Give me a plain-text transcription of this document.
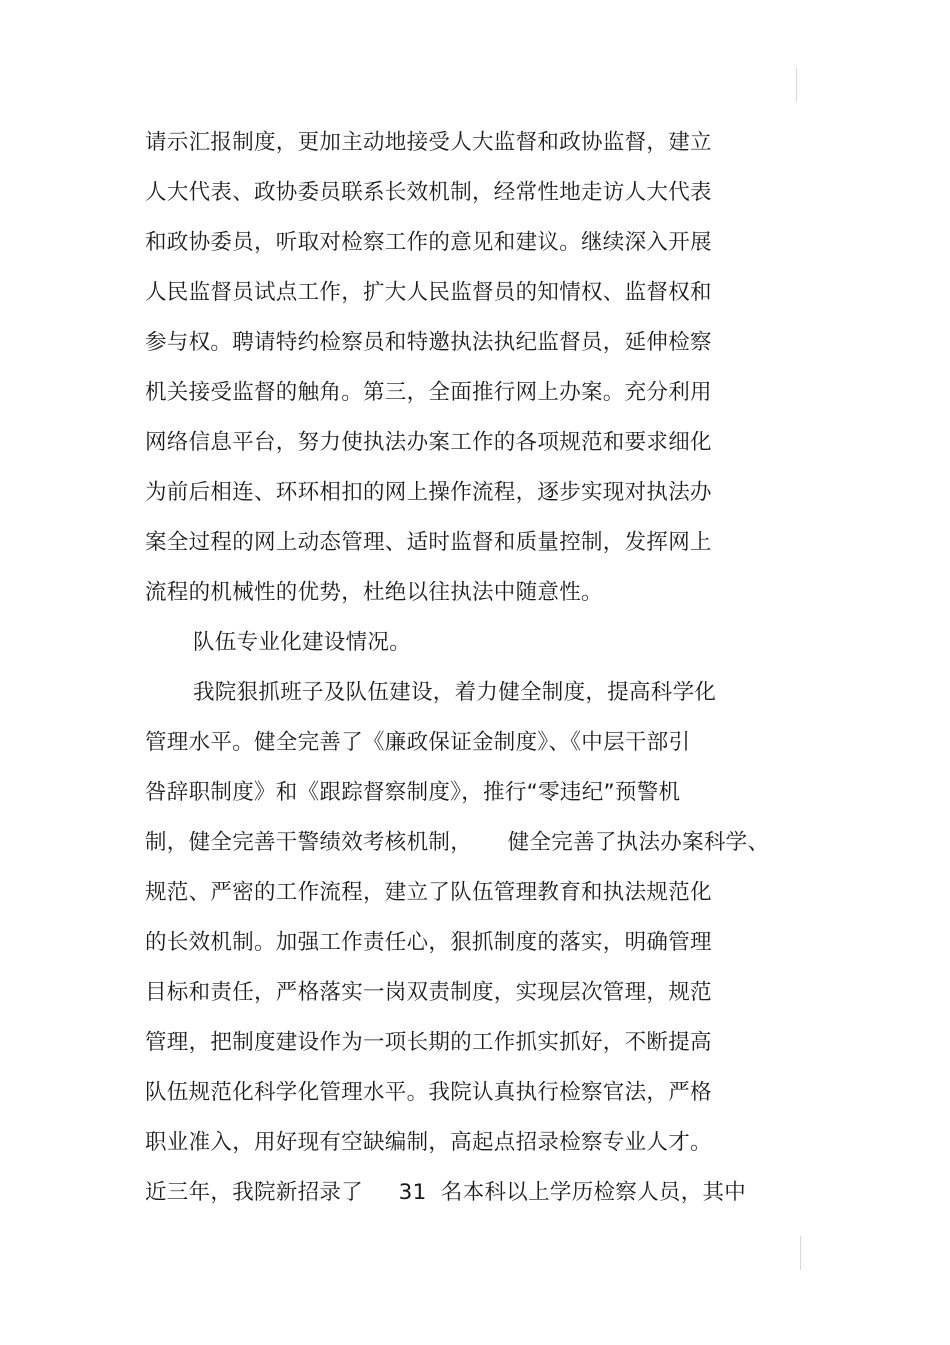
请示汇报制度，更加主动地接受人大监督和政协监督，建立
人大代表、政协委员联系长效机制，经常性地走访人大代表
和政协委员，听取对检察工作的意见和建议。继续深入开展
人民监督员试点工作，扩大人民监督员的知情权、监督权和
参与权。聘请特约检察员和特邀执法执纪监督员，延伸检察
机关接受监督的触角。第三，全面推行网上办案。充分利用
网络信息平台，努力使执法办案工作的各项规范和要求细化
为前后相连、环环相扣的网上操作流程，逐步实现对执法办
案全过程的网上动态管理、适时监督和质量控制，发挥网上
流程的机械性的优势，杜绝以往执法中随意性。
队伍专业化建设情况。
我院狠抓班子及队伍建设，着力健全制度，提高科学化
管理水平。健全完善了《廉政保证金制度》、《中层干部引
咎辞职制度》和《跟踪督察制度》，推行“零违纪”预警机
制，健全完善干警绩效考核机制，     健全完善了执法办案科学、
规范、严密的工作流程，建立了队伍管理教育和执法规范化
的长效机制。加强工作责任心，狠抓制度的落实，明确管理
目标和责任，严格落实一岗双责制度，实现层次管理，规范
管理，把制度建设作为一项长期的工作抓实抓好，不断提高
队伍规范化科学化管理水平。我院认真执行检察官法，严格
职业准入，用好现有空缺编制，高起点招录检察专业人才。
近三年，我院新招录了     31  名本科以上学历检察人员，其中
